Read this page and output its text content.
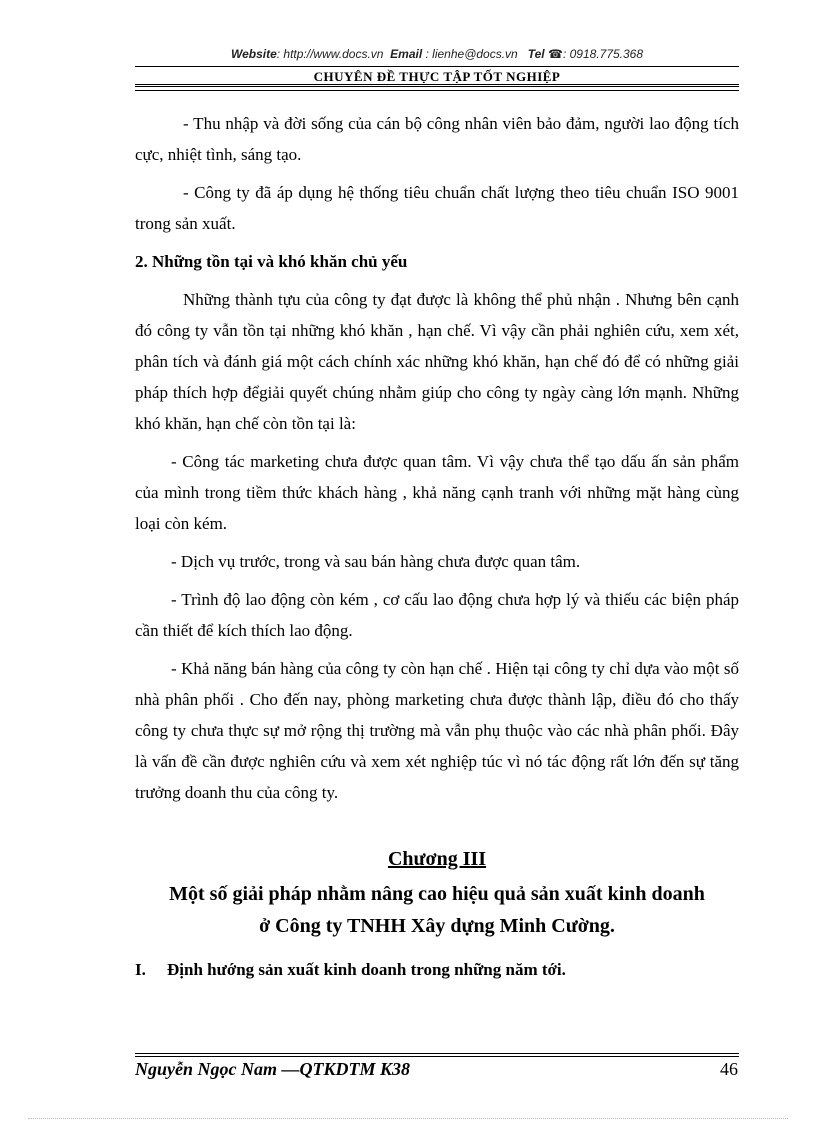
Website: http://www.docs.vn Email : lienhe@docs.vn Tel ☎: 0918.775.368
CHUYÊN ĐỀ THỰC TẬP TỐT NGHIỆP

- Thu nhập và đời sống của cán bộ công nhân viên bảo đảm, người lao động tích cực, nhiệt tình, sáng tạo.

- Công ty đã áp dụng hệ thống tiêu chuẩn chất lượng theo tiêu chuẩn ISO 9001 trong sản xuất.

2. Những tồn tại và khó khăn chủ yếu

Những thành tựu của công ty đạt được là không thể phủ nhận . Nhưng bên cạnh đó công ty vẫn tồn tại những khó khăn , hạn chế. Vì vậy cần phải nghiên cứu, xem xét, phân tích và đánh giá một cách chính xác những khó khăn, hạn chế đó để có những giải pháp thích hợp đểgiải quyết chúng nhằm giúp cho công ty ngày càng lớn mạnh. Những khó khăn, hạn chế còn tồn tại là:

- Công tác marketing chưa được quan tâm. Vì vậy chưa thể tạo dấu ấn sản phẩm của mình trong tiềm thức khách hàng , khả năng cạnh tranh với những mặt hàng cùng loại còn kém.

- Dịch vụ trước, trong và sau bán hàng chưa được quan tâm.

- Trình độ lao động còn kém , cơ cấu lao động chưa hợp lý và thiếu các biện pháp cần thiết để kích thích lao động.

- Khả năng bán hàng của công ty còn hạn chế . Hiện tại công ty chỉ dựa vào một số nhà phân phối . Cho đến nay, phòng marketing chưa được thành lập, điều đó cho thấy công ty chưa thực sự mở rộng thị trường mà vẫn phụ thuộc vào các nhà phân phối. Đây là vấn đề cần được nghiên cứu và xem xét nghiệp túc vì nó tác động rất lớn đến sự tăng trưởng doanh thu của công ty.

Chương III
Một số giải pháp nhằm nâng cao hiệu quả sản xuất kinh doanh
ở Công ty TNHH Xây dựng Minh Cường.
I. Định hướng sản xuất kinh doanh trong những năm tới.
Nguyễn Ngọc Nam —QTKDTM K38	46
